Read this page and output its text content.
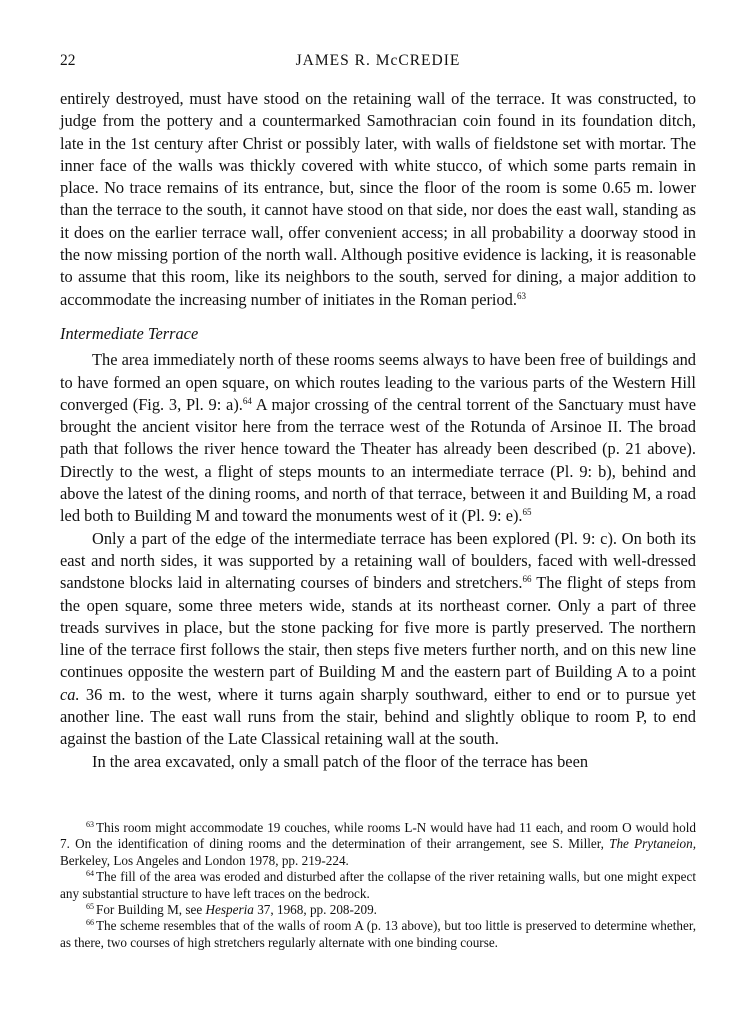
22	JAMES R. McCREDIE

entirely destroyed, must have stood on the retaining wall of the terrace. It was constructed, to judge from the pottery and a countermarked Samothracian coin found in its foundation ditch, late in the 1st century after Christ or possibly later, with walls of fieldstone set with mortar. The inner face of the walls was thickly covered with white stucco, of which some parts remain in place. No trace remains of its entrance, but, since the floor of the room is some 0.65 m. lower than the terrace to the south, it cannot have stood on that side, nor does the east wall, standing as it does on the earlier terrace wall, offer convenient access; in all probability a doorway stood in the now missing portion of the north wall. Although positive evidence is lacking, it is reasonable to assume that this room, like its neighbors to the south, served for dining, a major addition to accommodate the increasing number of initiates in the Roman period.$^{63}$

Intermediate Terrace

The area immediately north of these rooms seems always to have been free of buildings and to have formed an open square, on which routes leading to the various parts of the Western Hill converged (Fig. 3, Pl. 9: a).$^{64}$ A major crossing of the central torrent of the Sanctuary must have brought the ancient visitor here from the terrace west of the Rotunda of Arsinoe II. The broad path that follows the river hence toward the Theater has already been described (p. 21 above). Directly to the west, a flight of steps mounts to an intermediate terrace (Pl. 9: b), behind and above the latest of the dining rooms, and north of that terrace, between it and Building M, a road led both to Building M and toward the monuments west of it (Pl. 9: e).$^{65}$

Only a part of the edge of the intermediate terrace has been explored (Pl. 9: c). On both its east and north sides, it was supported by a retaining wall of boulders, faced with well-dressed sandstone blocks laid in alternating courses of binders and stretchers.$^{66}$ The flight of steps from the open square, some three meters wide, stands at its northeast corner. Only a part of three treads survives in place, but the stone packing for five more is partly preserved. The northern line of the terrace first follows the stair, then steps five meters further north, and on this new line continues opposite the western part of Building M and the eastern part of Building A to a point ca. 36 m. to the west, where it turns again sharply southward, either to end or to pursue yet another line. The east wall runs from the stair, behind and slightly oblique to room P, to end against the bastion of the Late Classical retaining wall at the south.

In the area excavated, only a small patch of the floor of the terrace has been

$^{63}$ This room might accommodate 19 couches, while rooms L-N would have had 11 each, and room O would hold 7. On the identification of dining rooms and the determination of their arrangement, see S. Miller, The Prytaneion, Berkeley, Los Angeles and London 1978, pp. 219-224.

$^{64}$ The fill of the area was eroded and disturbed after the collapse of the river retaining walls, but one might expect any substantial structure to have left traces on the bedrock.

$^{65}$ For Building M, see Hesperia 37, 1968, pp. 208-209.

$^{66}$ The scheme resembles that of the walls of room A (p. 13 above), but too little is preserved to determine whether, as there, two courses of high stretchers regularly alternate with one binding course.
